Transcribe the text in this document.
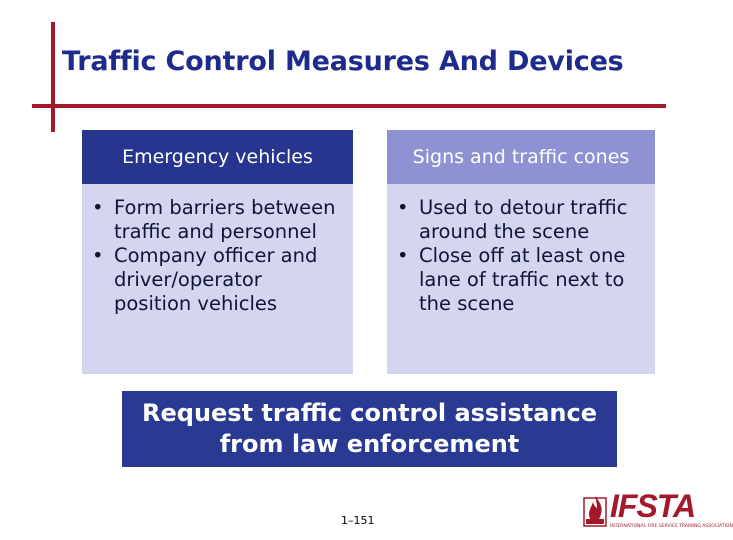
Traffic Control Measures And Devices
Emergency vehicles
• Form barriers between traffic and personnel
• Company officer and driver/operator position vehicles
Signs and traffic cones
• Used to detour traffic around the scene
• Close off at least one lane of traffic next to the scene
Request traffic control assistance from law enforcement
1–151	IFSTA
INTERNATIONAL FIRE SERVICE TRAINING ASSOCIATION
